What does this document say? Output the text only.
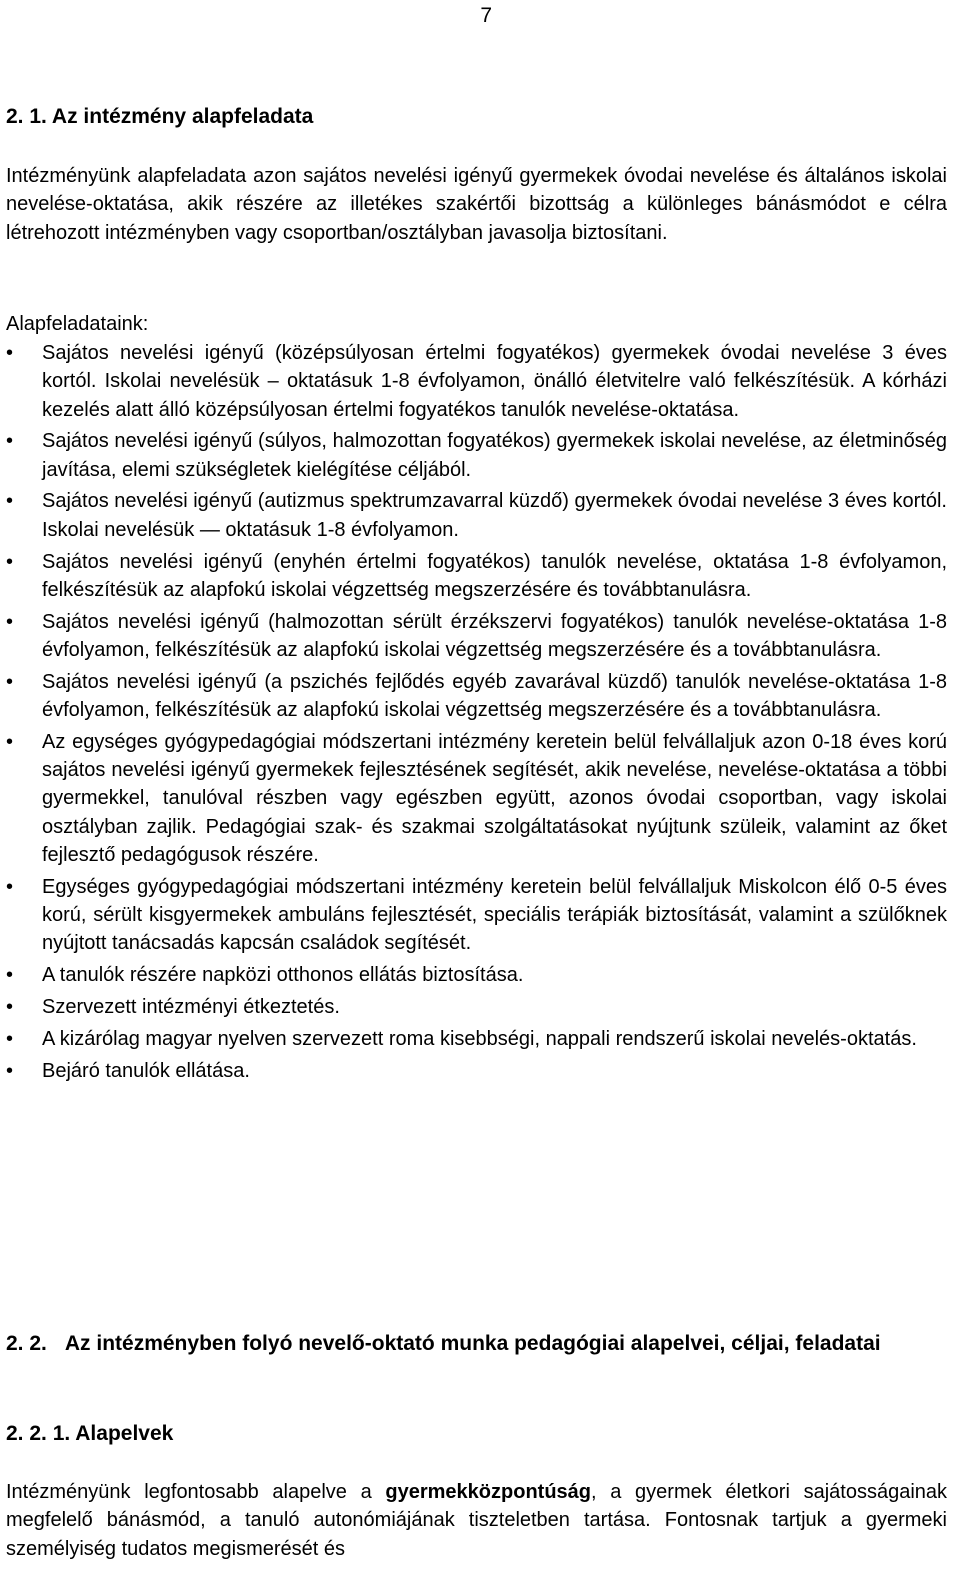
7
2. 1. Az intézmény alapfeladata

Intézményünk alapfeladata azon sajátos nevelési igényű gyermekek óvodai nevelése és általános iskolai nevelése-oktatása, akik részére az illetékes szakértői bizottság a különleges bánásmódot e célra létrehozott intézményben vagy csoportban/osztályban javasolja biztosítani.

Alapfeladataink:

•	Sajátos nevelési igényű (középsúlyosan értelmi fogyatékos) gyermekek óvodai nevelése 3 éves kortól. Iskolai nevelésük – oktatásuk 1-8 évfolyamon, önálló életvitelre való felkészítésük. A kórházi kezelés alatt álló középsúlyosan értelmi fogyatékos tanulók nevelése-oktatása.
•	Sajátos nevelési igényű (súlyos, halmozottan fogyatékos) gyermekek iskolai nevelése, az életminőség javítása, elemi szükségletek kielégítése céljából.
•	Sajátos nevelési igényű (autizmus spektrumzavarral küzdő) gyermekek óvodai nevelése 3 éves kortól. Iskolai nevelésük — oktatásuk 1-8 évfolyamon.
•	Sajátos nevelési igényű (enyhén értelmi fogyatékos) tanulók nevelése, oktatása 1-8 évfolyamon, felkészítésük az alapfokú iskolai végzettség megszerzésére és továbbtanulásra.
•	Sajátos nevelési igényű (halmozottan sérült érzékszervi fogyatékos) tanulók nevelése-oktatása 1-8 évfolyamon, felkészítésük az alapfokú iskolai végzettség megszerzésére és a továbbtanulásra.
•	Sajátos nevelési igényű (a pszichés fejlődés egyéb zavarával küzdő) tanulók nevelése-oktatása 1-8 évfolyamon, felkészítésük az alapfokú iskolai végzettség megszerzésére és a továbbtanulásra.
•	Az egységes gyógypedagógiai módszertani intézmény keretein belül felvállaljuk azon 0-18 éves korú sajátos nevelési igényű gyermekek fejlesztésének segítését, akik nevelése, nevelése-oktatása a többi gyermekkel, tanulóval részben vagy egészben együtt, azonos óvodai csoportban, vagy iskolai osztályban zajlik. Pedagógiai szak- és szakmai szolgáltatásokat nyújtunk szüleik, valamint az őket fejlesztő pedagógusok részére.
•	Egységes gyógypedagógiai módszertani intézmény keretein belül felvállaljuk Miskolcon élő 0-5 éves korú, sérült kisgyermekek ambuláns fejlesztését, speciális terápiák biztosítását, valamint a szülőknek nyújtott tanácsadás kapcsán családok segítését.
•	A tanulók részére napközi otthonos ellátás biztosítása.
•	Szervezett intézményi étkeztetés.
•	A kizárólag magyar nyelven szervezett roma kisebbségi, nappali rendszerű iskolai nevelés-oktatás.
•	Bejáró tanulók ellátása.
2. 2. Az intézményben folyó nevelő-oktató munka pedagógiai alapelvei, céljai, feladatai
2. 2. 1. Alapelvek

Intézményünk legfontosabb alapelve a gyermekközpontúság, a gyermek életkori sajátosságainak megfelelő bánásmód, a tanuló autonómiájának tiszteletben tartása. Fontosnak tartjuk a gyermeki személyiség tudatos megismerését és
